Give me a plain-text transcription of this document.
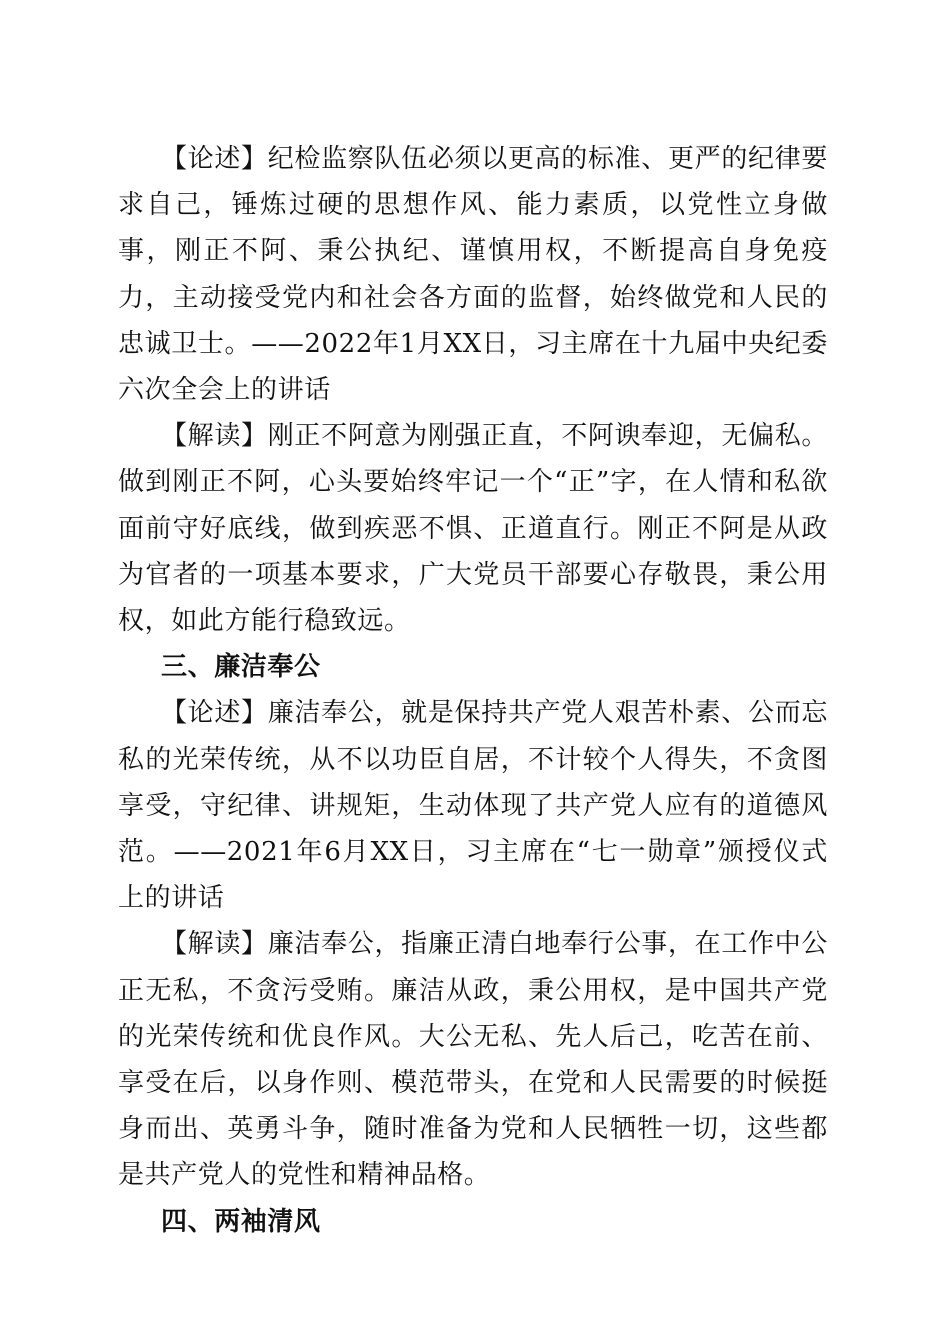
【论述】纪检监察队伍必须以更高的标准、更严的纪律要求自己，锤炼过硬的思想作风、能力素质，以党性立身做事，刚正不阿、秉公执纪、谨慎用权，不断提高自身免疫力，主动接受党内和社会各方面的监督，始终做党和人民的忠诚卫士。——2022年1月XX日，习主席在十九届中央纪委六次全会上的讲话

【解读】刚正不阿意为刚强正直，不阿谀奉迎，无偏私。做到刚正不阿，心头要始终牢记一个“正”字，在人情和私欲面前守好底线，做到疾恶不惧、正道直行。刚正不阿是从政为官者的一项基本要求，广大党员干部要心存敬畏，秉公用权，如此方能行稳致远。

三、廉洁奉公

【论述】廉洁奉公，就是保持共产党人艰苦朴素、公而忘私的光荣传统，从不以功臣自居，不计较个人得失，不贪图享受，守纪律、讲规矩，生动体现了共产党人应有的道德风范。——2021年6月XX日，习主席在“七一勋章”颁授仪式上的讲话

【解读】廉洁奉公，指廉正清白地奉行公事，在工作中公正无私，不贪污受贿。廉洁从政，秉公用权，是中国共产党的光荣传统和优良作风。大公无私、先人后己，吃苦在前、享受在后，以身作则、模范带头，在党和人民需要的时候挺身而出、英勇斗争，随时准备为党和人民牺牲一切，这些都是共产党人的党性和精神品格。

四、两袖清风
